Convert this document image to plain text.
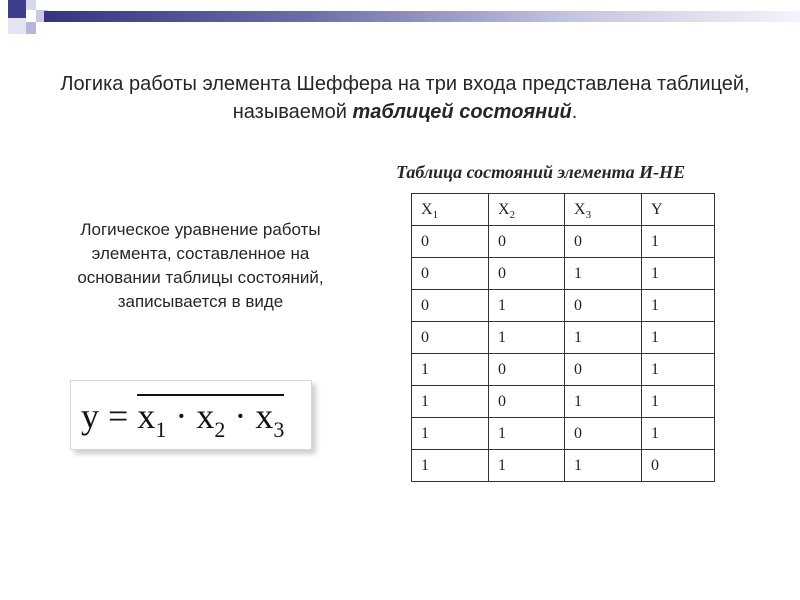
Логика работы элемента Шеффера на три входа представлена таблицей, называемой таблицей состояний.
Таблица состояний элемента И-НЕ
Логическое уравнение работы элемента, составленное на основании таблицы состояний, записывается в виде
$y = x_1 \cdot x_2 \cdot x_3$
$X_1$	$X_2$	$X_3$	Y
0	0	0	1
0	0	1	1
0	1	0	1
0	1	1	1
1	0	0	1
1	0	1	1
1	1	0	1
1	1	1	0
